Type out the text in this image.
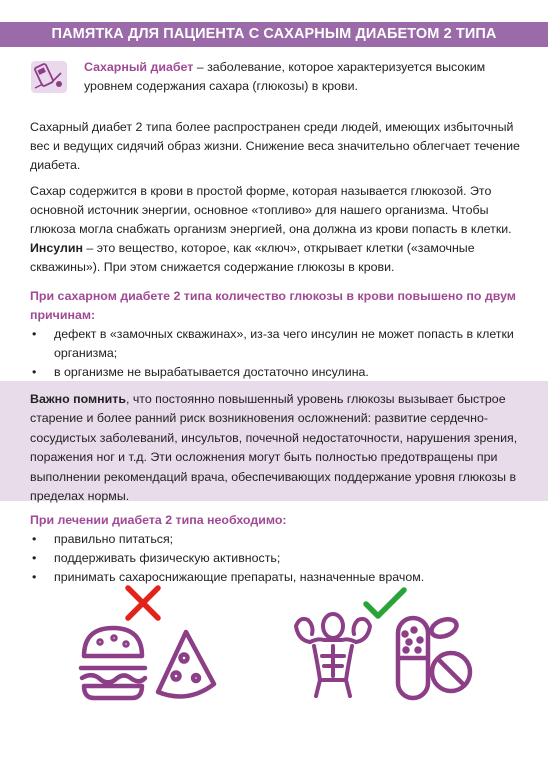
ПАМЯТКА ДЛЯ ПАЦИЕНТА С САХАРНЫМ ДИАБЕТОМ 2 ТИПА
Сахарный диабет – заболевание, которое характеризуется высоким уровнем содержания сахара (глюкозы) в крови.

Сахарный диабет 2 типа более распространен среди людей, имеющих избыточный вес и ведущих сидячий образ жизни. Снижение веса значительно облегчает течение диабета.

Сахар содержится в крови в простой форме, которая называется глюкозой. Это основной источник энергии, основное «топливо» для нашего организма. Чтобы глюкоза могла снабжать организм энергией, она должна из крови попасть в клетки. Инсулин – это вещество, которое, как «ключ», открывает клетки («замочные скважины»). При этом снижается содержание глюкозы в крови.

При сахарном диабете 2 типа количество глюкозы в крови повышено по двум причинам:
• дефект в «замочных скважинах», из-за чего инсулин не может попасть в клетки организма;
• в организме не вырабатывается достаточно инсулина.
Важно помнить, что постоянно повышенный уровень глюкозы вызывает быстрое старение и более ранний риск возникновения осложнений: развитие сердечно-сосудистых заболеваний, инсультов, почечной недостаточности, нарушения зрения, поражения ног и т.д. Эти осложнения могут быть полностью предотвращены при выполнении рекомендаций врача, обеспечивающих поддержание уровня глюкозы в пределах нормы.
При лечении диабета 2 типа необходимо:
• правильно питаться;
• поддерживать физическую активность;
• принимать сахароснижающие препараты, назначенные врачом.
